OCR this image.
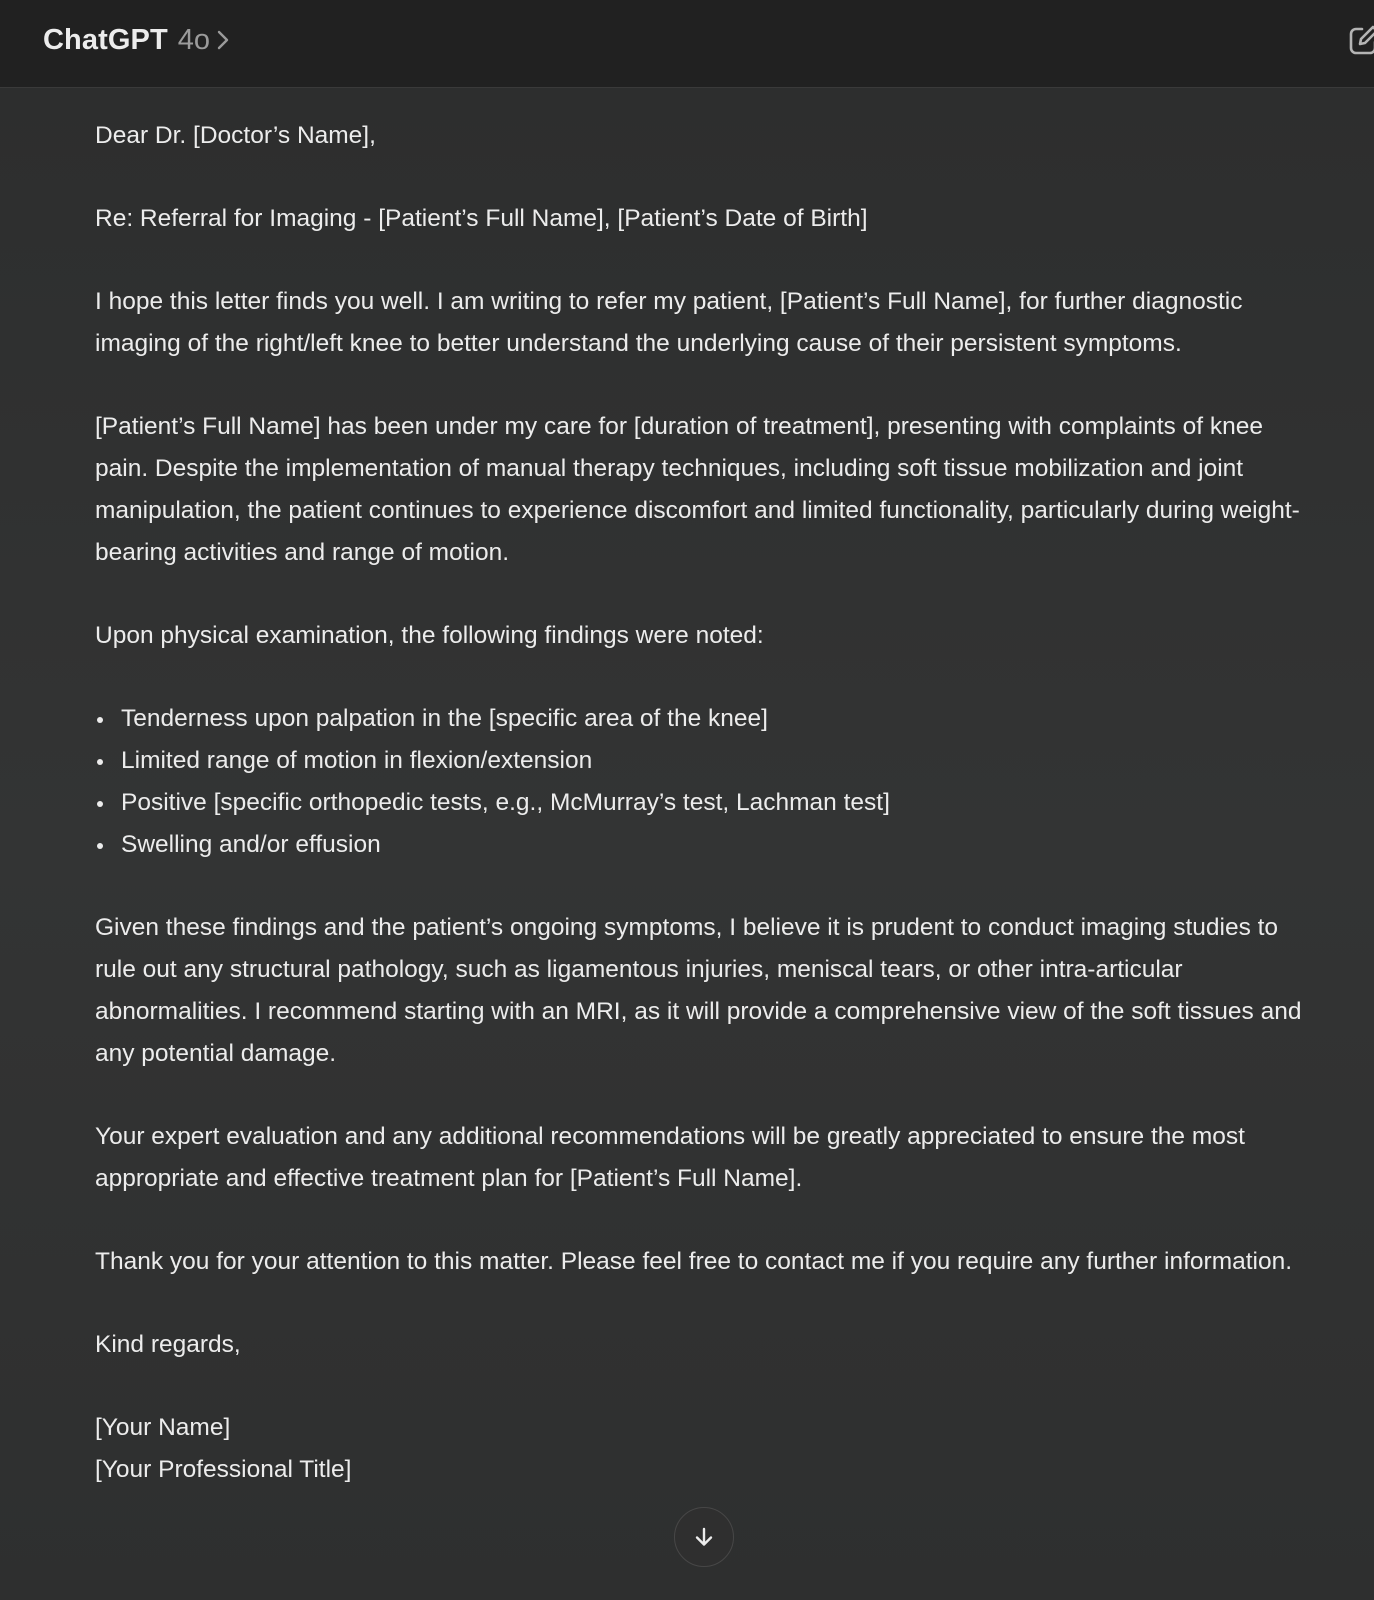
ChatGPT 4o

Dear Dr. [Doctor’s Name],

Re: Referral for Imaging - [Patient’s Full Name], [Patient’s Date of Birth]

I hope this letter finds you well. I am writing to refer my patient, [Patient’s Full Name], for further diagnostic imaging of the right/left knee to better understand the underlying cause of their persistent symptoms.

[Patient’s Full Name] has been under my care for [duration of treatment], presenting with complaints of knee pain. Despite the implementation of manual therapy techniques, including soft tissue mobilization and joint manipulation, the patient continues to experience discomfort and limited functionality, particularly during weight-bearing activities and range of motion.

Upon physical examination, the following findings were noted:

Tenderness upon palpation in the [specific area of the knee]
Limited range of motion in flexion/extension
Positive [specific orthopedic tests, e.g., McMurray’s test, Lachman test]
Swelling and/or effusion

Given these findings and the patient’s ongoing symptoms, I believe it is prudent to conduct imaging studies to rule out any structural pathology, such as ligamentous injuries, meniscal tears, or other intra-articular abnormalities. I recommend starting with an MRI, as it will provide a comprehensive view of the soft tissues and any potential damage.

Your expert evaluation and any additional recommendations will be greatly appreciated to ensure the most appropriate and effective treatment plan for [Patient’s Full Name].

Thank you for your attention to this matter. Please feel free to contact me if you require any further information.

Kind regards,

[Your Name]

[Your Professional Title]
